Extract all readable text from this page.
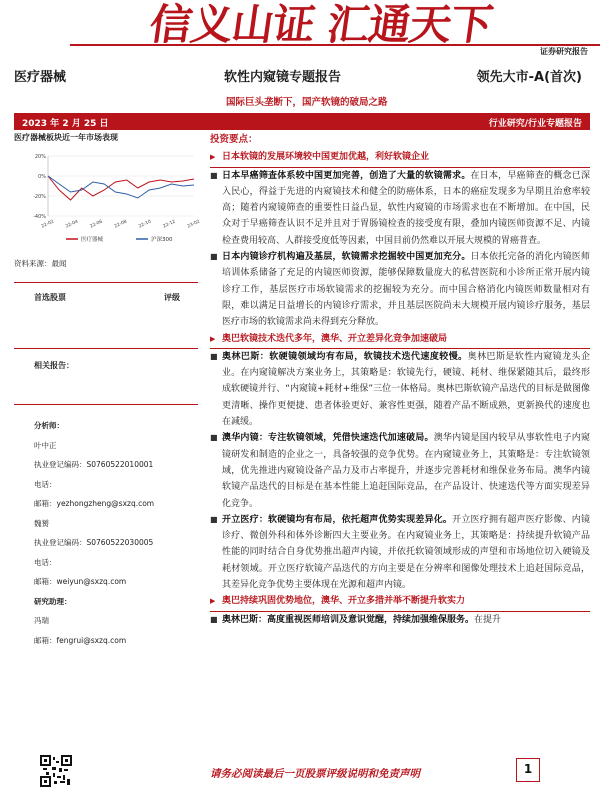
信义山证 汇通天下
证券研究报告
医疗器械	软性内窥镜专题报告	领先大市-A(首次)
国际巨头垄断下，国产软镜的破局之路
2023 年 2 月 25 日	行业研究/行业专题报告
医疗器械板块近一年市场表现
20%
0%
-20%
-40%
22-02 22-04 22-06 22-08 22-10 22-12 23-02
医疗器械	沪深300
资料来源：最闻
首选股票	评级
相关报告：
分析师：
叶中正
执业登记编码：S0760522010001
电话：
邮箱：yezhongzheng@sxzq.com
魏赟
执业登记编码：S0760522030005
电话：
邮箱：weiyun@sxzq.com
研究助理：
冯瑞
邮箱：fengrui@sxzq.com
投资要点：
▶ 日本软镜的发展环境较中国更加优越，利好软镜企业
■ 日本早癌筛查体系较中国更加完善，创造了大量的软镜需求。在日本，早癌筛查的概念已深入民心，得益于先进的内窥镜技术和健全的防癌体系，日本的癌症发现多为早期且治愈率较高；随着内窥镜筛查的重要性日益凸显，软性内窥镜的市场需求也在不断增加。在中国，民众对于早癌筛查认识不足并且对于胃肠镜检查的接受度有限，叠加内镜医师资源不足、内镜检查费用较高、人群接受度低等因素，中国目前仍然难以开展大规模的胃癌普查。
■ 日本内镜诊疗机构遍及基层，软镜需求挖掘较中国更加充分。日本依托完备的消化内镜医师培训体系储备了充足的内镜医师资源，能够保障数量庞大的私营医院和小诊所正常开展内镜诊疗工作，基层医疗市场软镜需求的挖掘较为充分。而中国合格消化内镜医师数量相对有限，难以满足日益增长的内镜诊疗需求，并且基层医院尚未大规模开展内镜诊疗服务，基层医疗市场的软镜需求尚未得到充分释放。
▶ 奥巴软镜技术迭代多年，澳华、开立差异化竞争加速破局
■ 奥林巴斯：软硬镜领域均有布局，软镜技术迭代速度较慢。奥林巴斯是软性内窥镜龙头企业。在内窥镜解决方案业务上，其策略是：软镜先行，硬镜、耗材、维保紧随其后，最终形成软硬镜并行、“内窥镜+耗材+维保”三位一体格局。奥林巴斯软镜产品迭代的目标是做图像更清晰、操作更便捷、患者体验更好、兼容性更强，随着产品不断成熟，更新换代的速度也在减缓。
■ 澳华内镜：专注软镜领域，凭借快速迭代加速破局。澳华内镜是国内较早从事软性电子内窥镜研发和制造的企业之一，具备较强的竞争优势。在内窥镜业务上，其策略是：专注软镜领域，优先推进内窥镜设备产品力及市占率提升，并逐步完善耗材和维保业务布局。澳华内镜软镜产品迭代的目标是在基本性能上追赶国际竞品，在产品设计、快速迭代等方面实现差异化竞争。
■ 开立医疗：软硬镜均有布局，依托超声优势实现差异化。开立医疗拥有超声医疗影像、内镜诊疗、微创外科和体外诊断四大主要业务。在内窥镜业务上，其策略是：持续提升软镜产品性能的同时结合自身优势推出超声内镜，并依托软镜领域形成的声望和市场地位切入硬镜及耗材领域。开立医疗软镜产品迭代的方向主要是在分辨率和图像处理技术上追赶国际竞品，其差异化竞争优势主要体现在光源和超声内镜。
▶ 奥巴持续巩固优势地位，澳华、开立多措并举不断提升软实力
■ 奥林巴斯：高度重视医师培训及意识觉醒，持续加强维保服务。在提升
请务必阅读最后一页股票评级说明和免责声明	1
